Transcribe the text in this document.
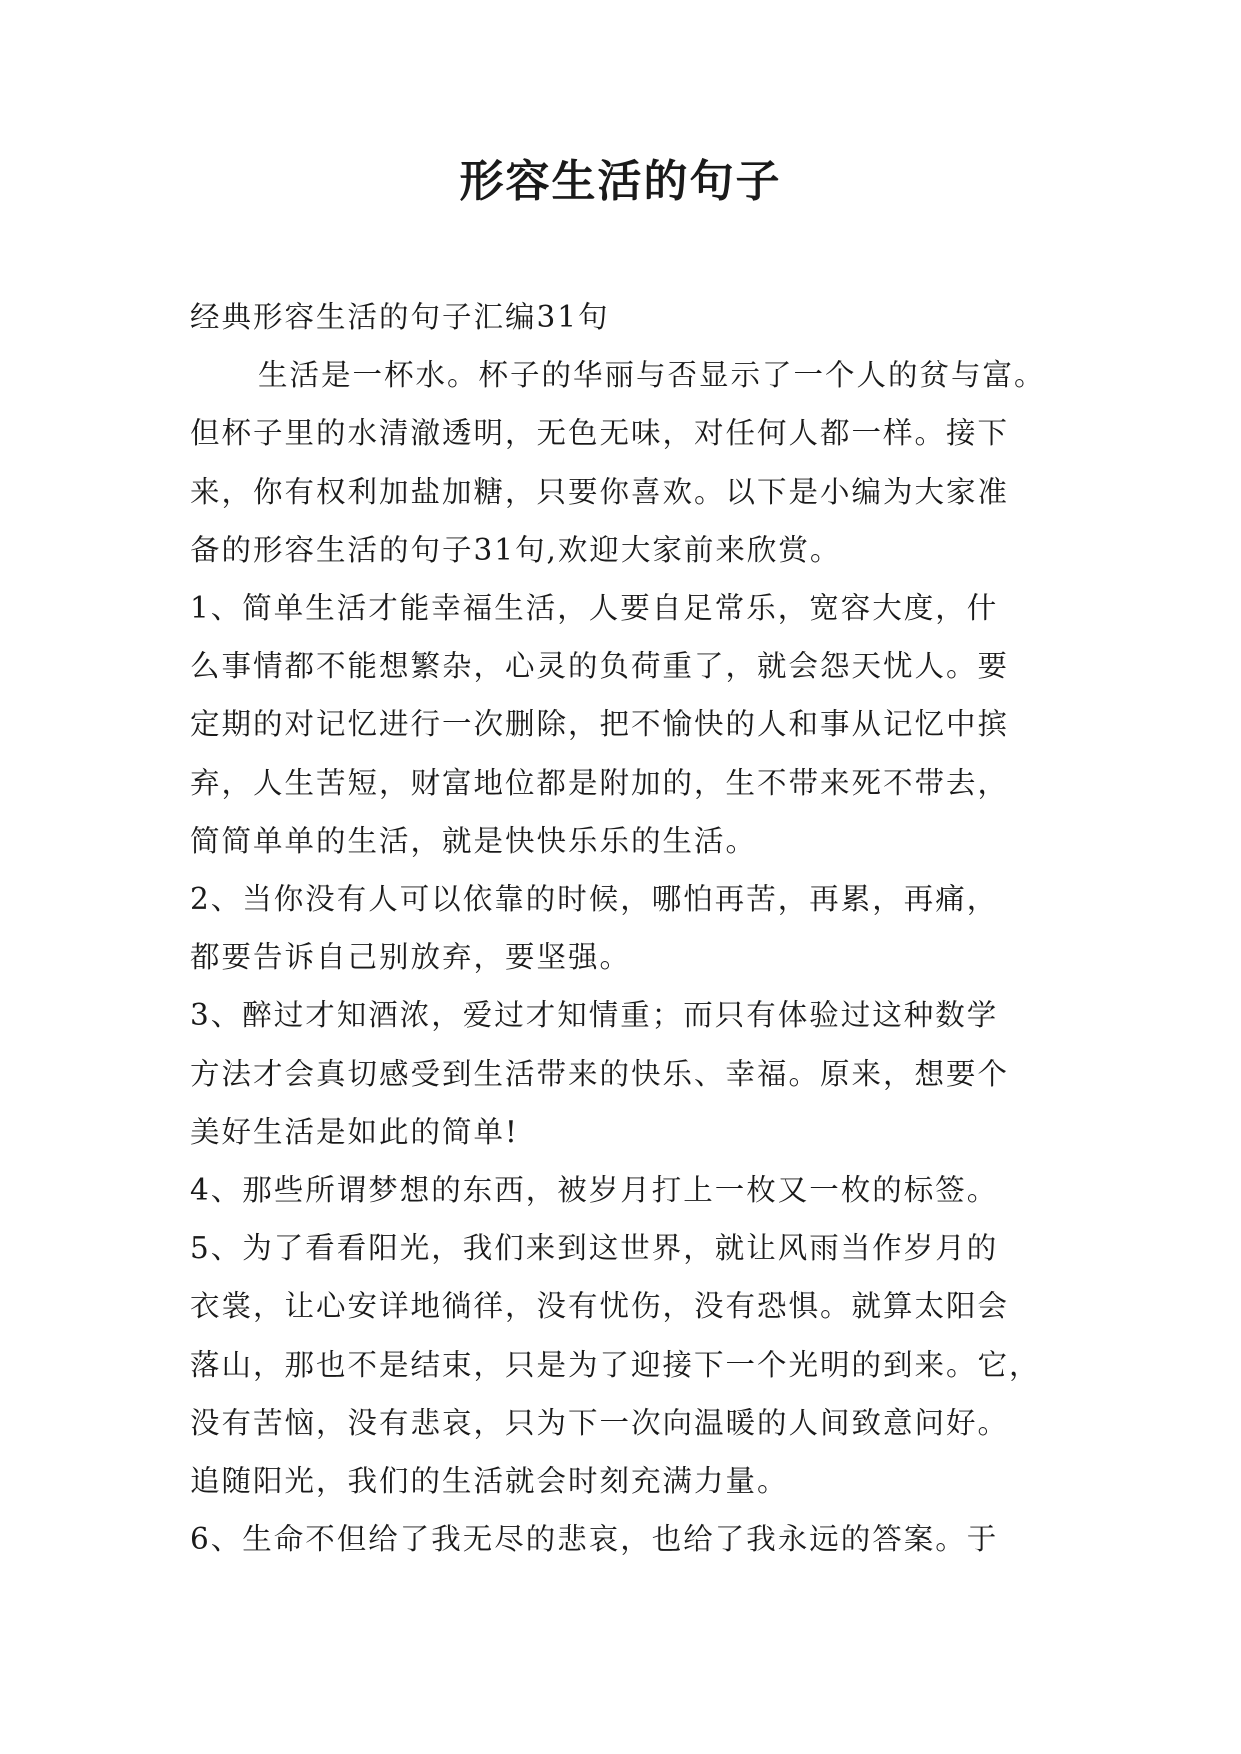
形容生活的句子

经典形容生活的句子汇编31句

生活是一杯水。杯子的华丽与否显示了一个人的贫与富。
但杯子里的水清澈透明，无色无味，对任何人都一样。接下
来，你有权利加盐加糖，只要你喜欢。以下是小编为大家准
备的形容生活的句子31句,欢迎大家前来欣赏。

1、简单生活才能幸福生活，人要自足常乐，宽容大度，什
么事情都不能想繁杂，心灵的负荷重了，就会怨天忧人。要
定期的对记忆进行一次删除，把不愉快的人和事从记忆中摈
弃，人生苦短，财富地位都是附加的，生不带来死不带去，
简简单单的生活，就是快快乐乐的生活。

2、当你没有人可以依靠的时候，哪怕再苦，再累，再痛，
都要告诉自己别放弃，要坚强。

3、醉过才知酒浓，爱过才知情重；而只有体验过这种数学
方法才会真切感受到生活带来的快乐、幸福。原来，想要个
美好生活是如此的简单!

4、那些所谓梦想的东西，被岁月打上一枚又一枚的标签。

5、为了看看阳光，我们来到这世界，就让风雨当作岁月的
衣裳，让心安详地徜徉，没有忧伤，没有恐惧。就算太阳会
落山，那也不是结束，只是为了迎接下一个光明的到来。它，
没有苦恼，没有悲哀，只为下一次向温暖的人间致意问好。
追随阳光，我们的生活就会时刻充满力量。

6、生命不但给了我无尽的悲哀，也给了我永远的答案。于
